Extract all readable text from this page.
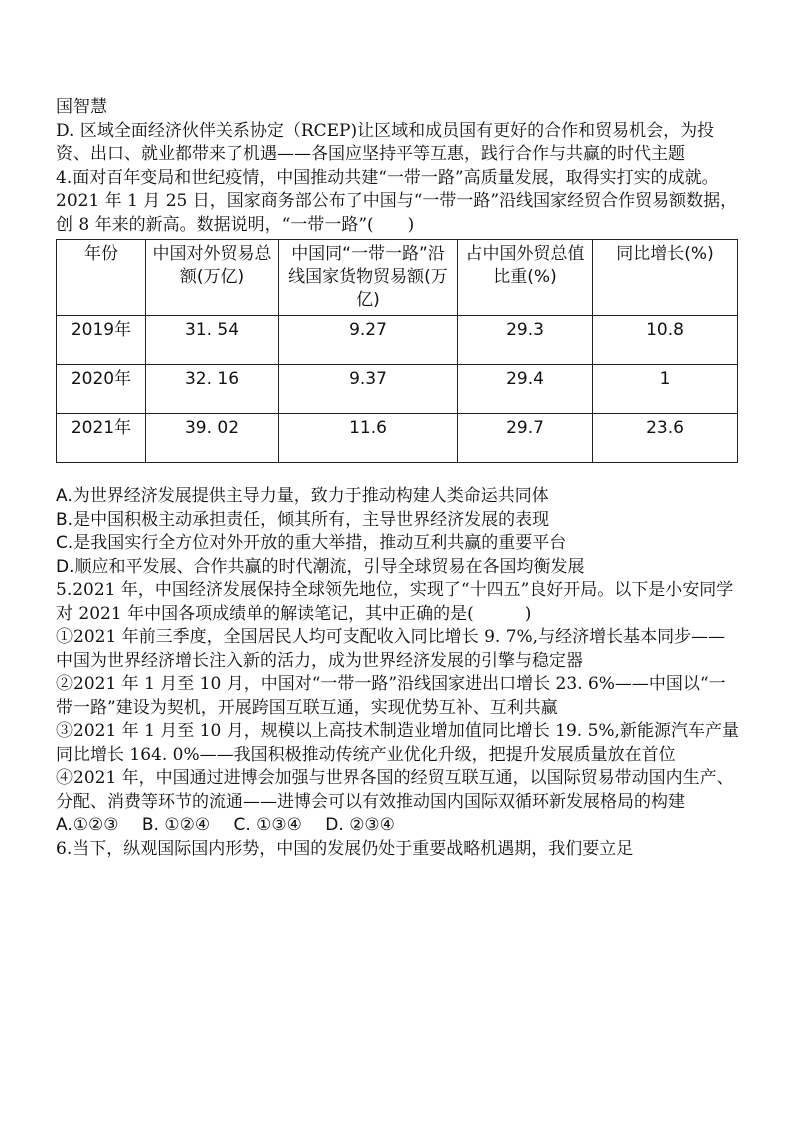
国智慧

D. 区域全面经济伙伴关系协定（RCEP)让区域和成员国有更好的合作和贸易机会，为投资、出口、就业都带来了机遇——各国应坚持平等互惠，践行合作与共赢的时代主题

4.面对百年变局和世纪疫情，中国推动共建“一带一路”高质量发展，取得实打实的成就。2021 年 1 月 25 日，国家商务部公布了中国与“一带一路”沿线国家经贸合作贸易额数据，创 8 年来的新高。数据说明，“一带一路”(　　)

年份	中国对外贸易总额(万亿)	中国同“一带一路”沿线国家货物贸易额(万亿)	占中国外贸总值比重(%)	同比增长(%)
2019年	31. 54	9.27	29.3	10.8
2020年	32. 16	9.37	29.4	1
2021年	39. 02	11.6	29.7	23.6

A.为世界经济发展提供主导力量，致力于推动构建人类命运共同体

B.是中国积极主动承担责任，倾其所有，主导世界经济发展的表现

C.是我国实行全方位对外开放的重大举措，推动互利共赢的重要平台

D.顺应和平发展、合作共赢的时代潮流，引导全球贸易在各国均衡发展

5.2021 年，中国经济发展保持全球领先地位，实现了“十四五”良好开局。以下是小安同学对 2021 年中国各项成绩单的解读笔记，其中正确的是(　　　)

①2021 年前三季度，全国居民人均可支配收入同比增长 9. 7%,与经济增长基本同步——中国为世界经济增长注入新的活力，成为世界经济发展的引擎与稳定器

②2021 年 1 月至 10 月，中国对“一带一路”沿线国家进出口增长 23. 6%——中国以“一带一路”建设为契机，开展跨国互联互通，实现优势互补、互利共赢

③2021 年 1 月至 10 月，规模以上高技术制造业增加值同比增长 19. 5%,新能源汽车产量同比增长 164. 0%——我国积极推动传统产业优化升级，把提升发展质量放在首位

④2021 年，中国通过进博会加强与世界各国的经贸互联互通，以国际贸易带动国内生产、分配、消费等环节的流通——进博会可以有效推动国内国际双循环新发展格局的构建

A.①②③ B. ①②④ C. ①③④ D. ②③④

6.当下，纵观国际国内形势，中国的发展仍处于重要战略机遇期，我们要立足
